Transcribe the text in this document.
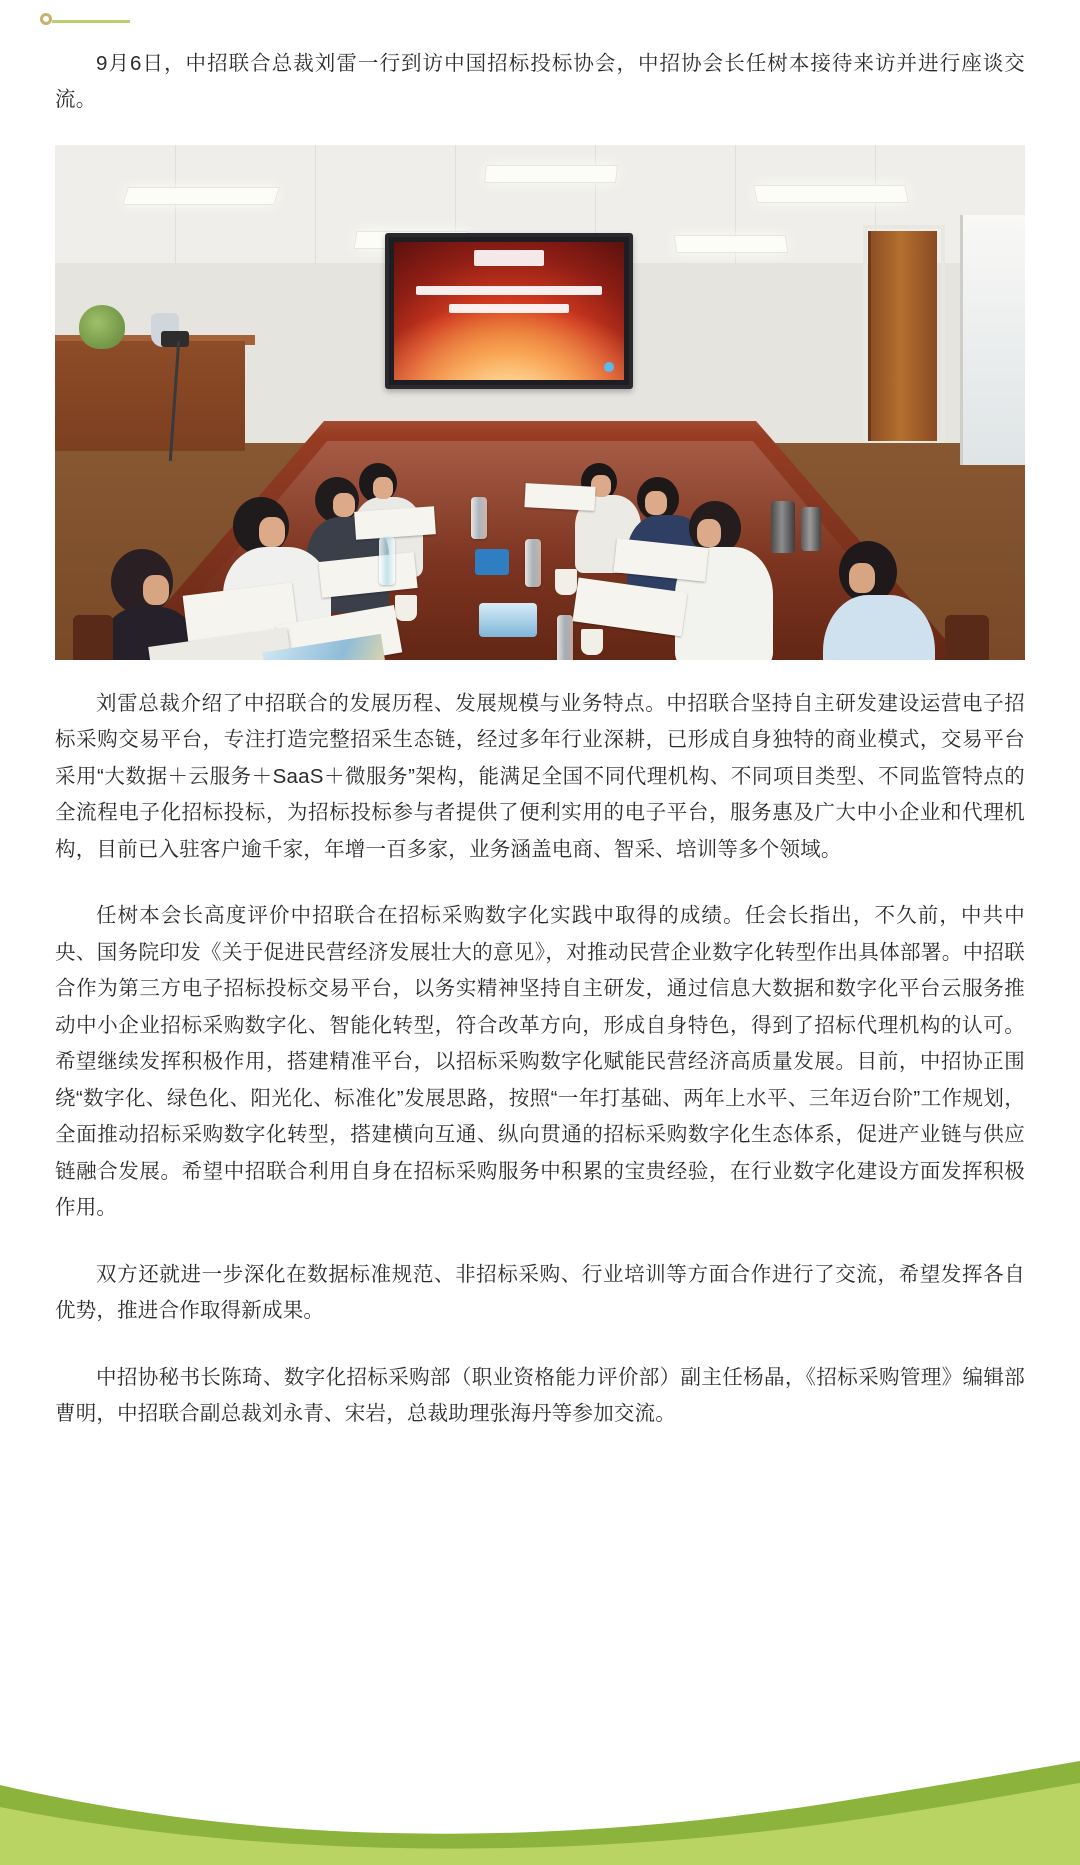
9月6日，中招联合总裁刘雷一行到访中国招标投标协会，中招协会长任树本接待来访并进行座谈交流。

刘雷总裁介绍了中招联合的发展历程、发展规模与业务特点。中招联合坚持自主研发建设运营电子招标采购交易平台，专注打造完整招采生态链，经过多年行业深耕，已形成自身独特的商业模式，交易平台采用“大数据＋云服务＋SaaS＋微服务”架构，能满足全国不同代理机构、不同项目类型、不同监管特点的全流程电子化招标投标，为招标投标参与者提供了便利实用的电子平台，服务惠及广大中小企业和代理机构，目前已入驻客户逾千家，年增一百多家，业务涵盖电商、智采、培训等多个领域。

任树本会长高度评价中招联合在招标采购数字化实践中取得的成绩。任会长指出，不久前，中共中央、国务院印发《关于促进民营经济发展壮大的意见》，对推动民营企业数字化转型作出具体部署。中招联合作为第三方电子招标投标交易平台，以务实精神坚持自主研发，通过信息大数据和数字化平台云服务推动中小企业招标采购数字化、智能化转型，符合改革方向，形成自身特色，得到了招标代理机构的认可。希望继续发挥积极作用，搭建精准平台，以招标采购数字化赋能民营经济高质量发展。目前，中招协正围绕“数字化、绿色化、阳光化、标准化”发展思路，按照“一年打基础、两年上水平、三年迈台阶”工作规划，全面推动招标采购数字化转型，搭建横向互通、纵向贯通的招标采购数字化生态体系，促进产业链与供应链融合发展。希望中招联合利用自身在招标采购服务中积累的宝贵经验，在行业数字化建设方面发挥积极作用。

双方还就进一步深化在数据标准规范、非招标采购、行业培训等方面合作进行了交流，希望发挥各自优势，推进合作取得新成果。

中招协秘书长陈琦、数字化招标采购部（职业资格能力评价部）副主任杨晶，《招标采购管理》编辑部曹明，中招联合副总裁刘永青、宋岩，总裁助理张海丹等参加交流。
